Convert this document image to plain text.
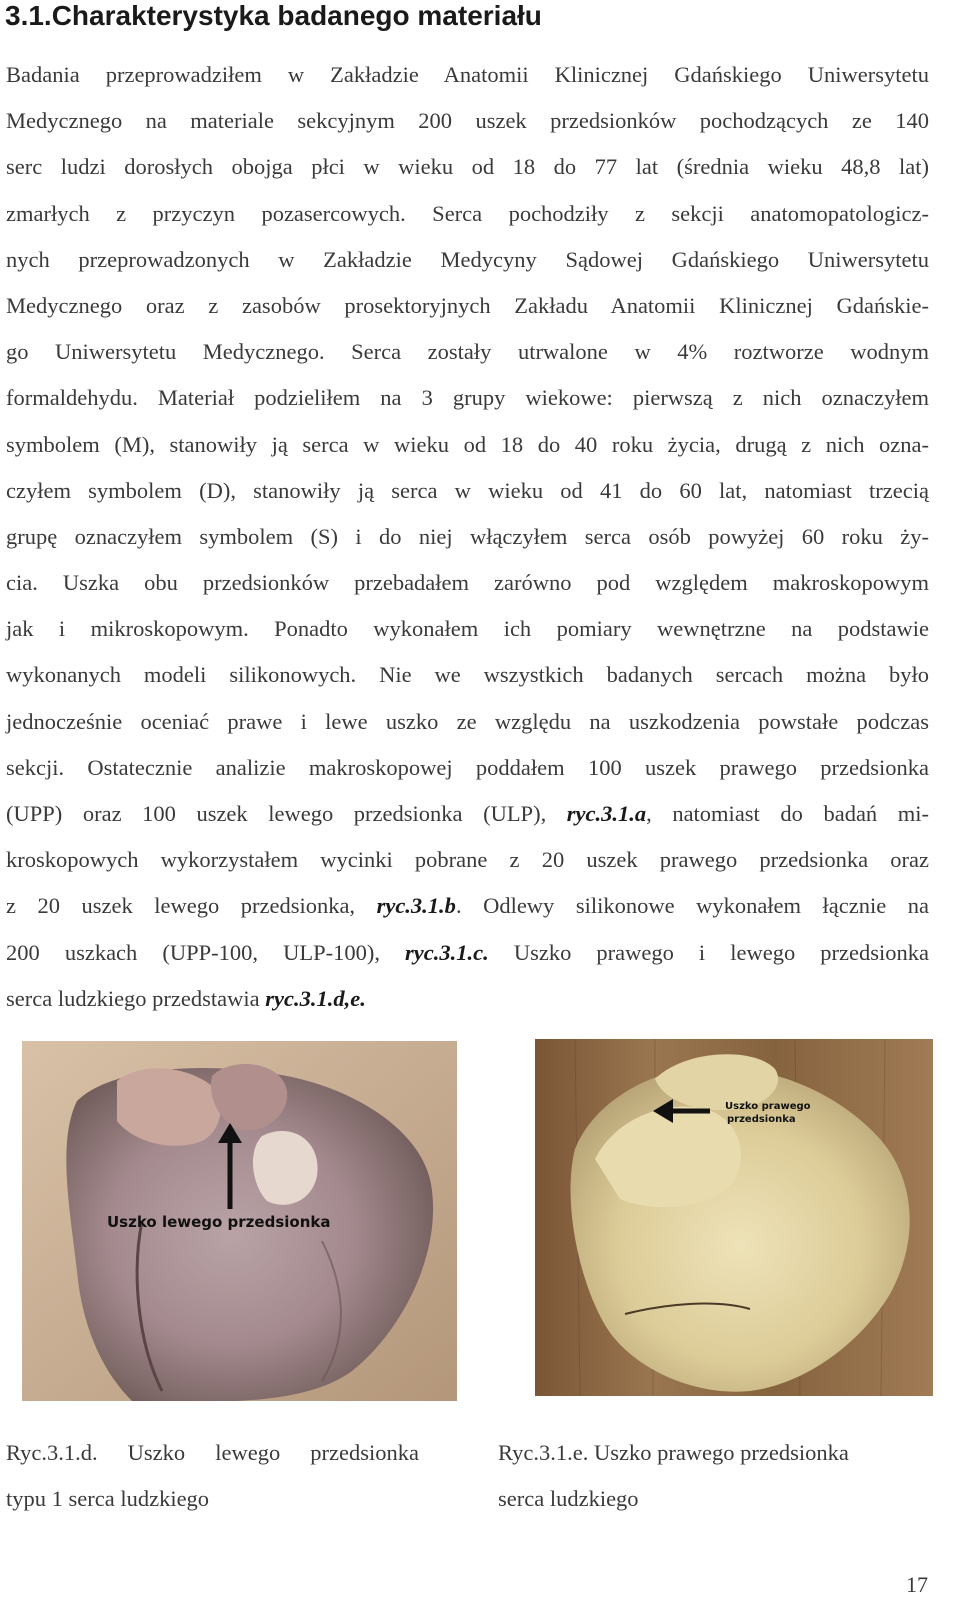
3.1.Charakterystyka badanego materiału
Badania przeprowadziłem w Zakładzie Anatomii Klinicznej Gdańskiego Uniwersytetu
Medycznego na materiale sekcyjnym 200 uszek przedsionków pochodzących ze 140
serc ludzi dorosłych obojga płci w wieku od 18 do 77 lat (średnia wieku 48,8 lat)
zmarłych z przyczyn pozasercowych. Serca pochodziły z sekcji anatomopatologicz-
nych przeprowadzonych w Zakładzie Medycyny Sądowej Gdańskiego Uniwersytetu
Medycznego oraz z zasobów prosektoryjnych Zakładu Anatomii Klinicznej Gdańskie-
go Uniwersytetu Medycznego. Serca zostały utrwalone w 4% roztworze wodnym
formaldehydu. Materiał podzieliłem na 3 grupy wiekowe: pierwszą z nich oznaczyłem
symbolem (M), stanowiły ją serca w wieku od 18 do 40 roku życia, drugą z nich ozna-
czyłem symbolem (D), stanowiły ją serca w wieku od 41 do 60 lat, natomiast trzecią
grupę oznaczyłem symbolem (S) i do niej włączyłem serca osób powyżej 60 roku ży-
cia. Uszka obu przedsionków przebadałem zarówno pod względem makroskopowym
jak i mikroskopowym. Ponadto wykonałem ich pomiary wewnętrzne na podstawie
wykonanych modeli silikonowych. Nie we wszystkich badanych sercach można było
jednocześnie oceniać prawe i lewe uszko ze względu na uszkodzenia powstałe podczas
sekcji. Ostatecznie analizie makroskopowej poddałem 100 uszek prawego przedsionka
(UPP) oraz 100 uszek lewego przedsionka (ULP), ryc.3.1.a, natomiast do badań mi-
kroskopowych wykorzystałem wycinki pobrane z 20 uszek prawego przedsionka oraz
z 20 uszek lewego przedsionka, ryc.3.1.b. Odlewy silikonowe wykonałem łącznie na
200 uszkach (UPP-100, ULP-100), ryc.3.1.c. Uszko prawego i lewego przedsionka
serca ludzkiego przedstawia ryc.3.1.d,e.
Uszko lewego przedsionka
Uszko prawego
przedsionka
Ryc.3.1.d. Uszko lewego przedsionka
typu 1 serca ludzkiego
Ryc.3.1.e. Uszko prawego przedsionka
serca ludzkiego
17
